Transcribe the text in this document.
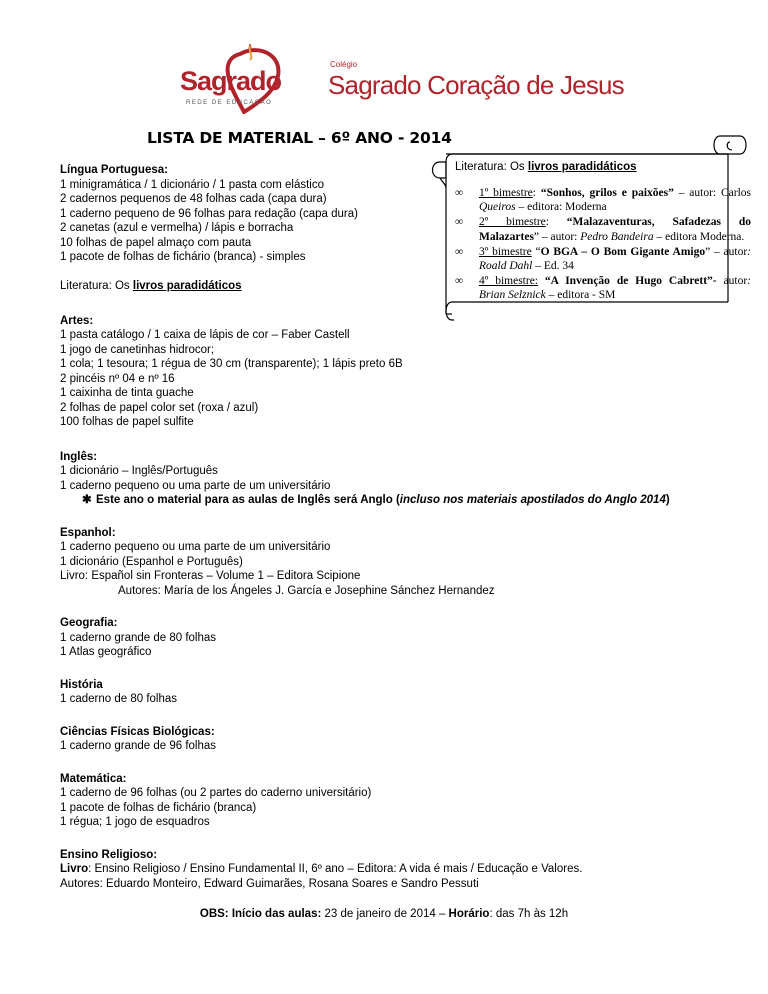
Sagrado
REDE DE EDUCAÇÃO
Colégio
Sagrado Coração de Jesus
LISTA DE MATERIAL – 6º ANO - 2014
Literatura: Os livros paradidáticos
∞ 1º bimestre: “Sonhos, grilos e paixões” – autor: Carlos Queiros – editora: Moderna
∞ 2º bimestre: “Malazaventuras, Safadezas do Malazartes” – autor: Pedro Bandeira – editora Moderna.
∞ 3º bimestre “O BGA – O Bom Gigante Amigo” – autor: Roald Dahl – Ed. 34
∞ 4º bimestre: “A Invenção de Hugo Cabrett”- autor: Brian Selznick – editora - SM
Língua Portuguesa:
1 minigramática / 1 dicionário / 1 pasta com elástico
2 cadernos pequenos de 48 folhas cada (capa dura)
1 caderno pequeno de 96 folhas para redação (capa dura)
2 canetas (azul e vermelha) / lápis e borracha
10 folhas de papel almaço com pauta
1 pacote de folhas de fichário (branca) - simples
Literatura: Os livros paradidáticos
Artes:
1 pasta catálogo / 1 caixa de lápis de cor – Faber Castell
1 jogo de canetinhas hidrocor;
1 cola; 1 tesoura; 1 régua de 30 cm (transparente); 1 lápis preto 6B
2 pincéis nº 04 e nº 16
1 caixinha de tinta guache
2 folhas de papel color set (roxa / azul)
100 folhas de papel sulfite
Inglês:
1 dicionário – Inglês/Português
1 caderno pequeno ou uma parte de um universitário
✱ Este ano o material para as aulas de Inglês será Anglo (incluso nos materiais apostilados do Anglo 2014)
Espanhol:
1 caderno pequeno ou uma parte de um universitário
1 dicionário (Espanhol e Português)
Livro: Español sin Fronteras – Volume 1 – Editora Scipione
Autores: María de los Ángeles J. García e Josephine Sánchez Hernandez
Geografia:
1 caderno grande de 80 folhas
1 Atlas geográfico
História
1 caderno de 80 folhas
Ciências Físicas Biológicas:
1 caderno grande de 96 folhas
Matemática:
1 caderno de 96 folhas (ou 2 partes do caderno universitário)
1 pacote de folhas de fichário (branca)
1 régua; 1 jogo de esquadros
Ensino Religioso:
Livro: Ensino Religioso / Ensino Fundamental II, 6º ano – Editora: A vida é mais / Educação e Valores.
Autores: Eduardo Monteiro, Edward Guimarães, Rosana Soares e Sandro Pessuti
OBS: Início das aulas: 23 de janeiro de 2014 – Horário: das 7h às 12h
